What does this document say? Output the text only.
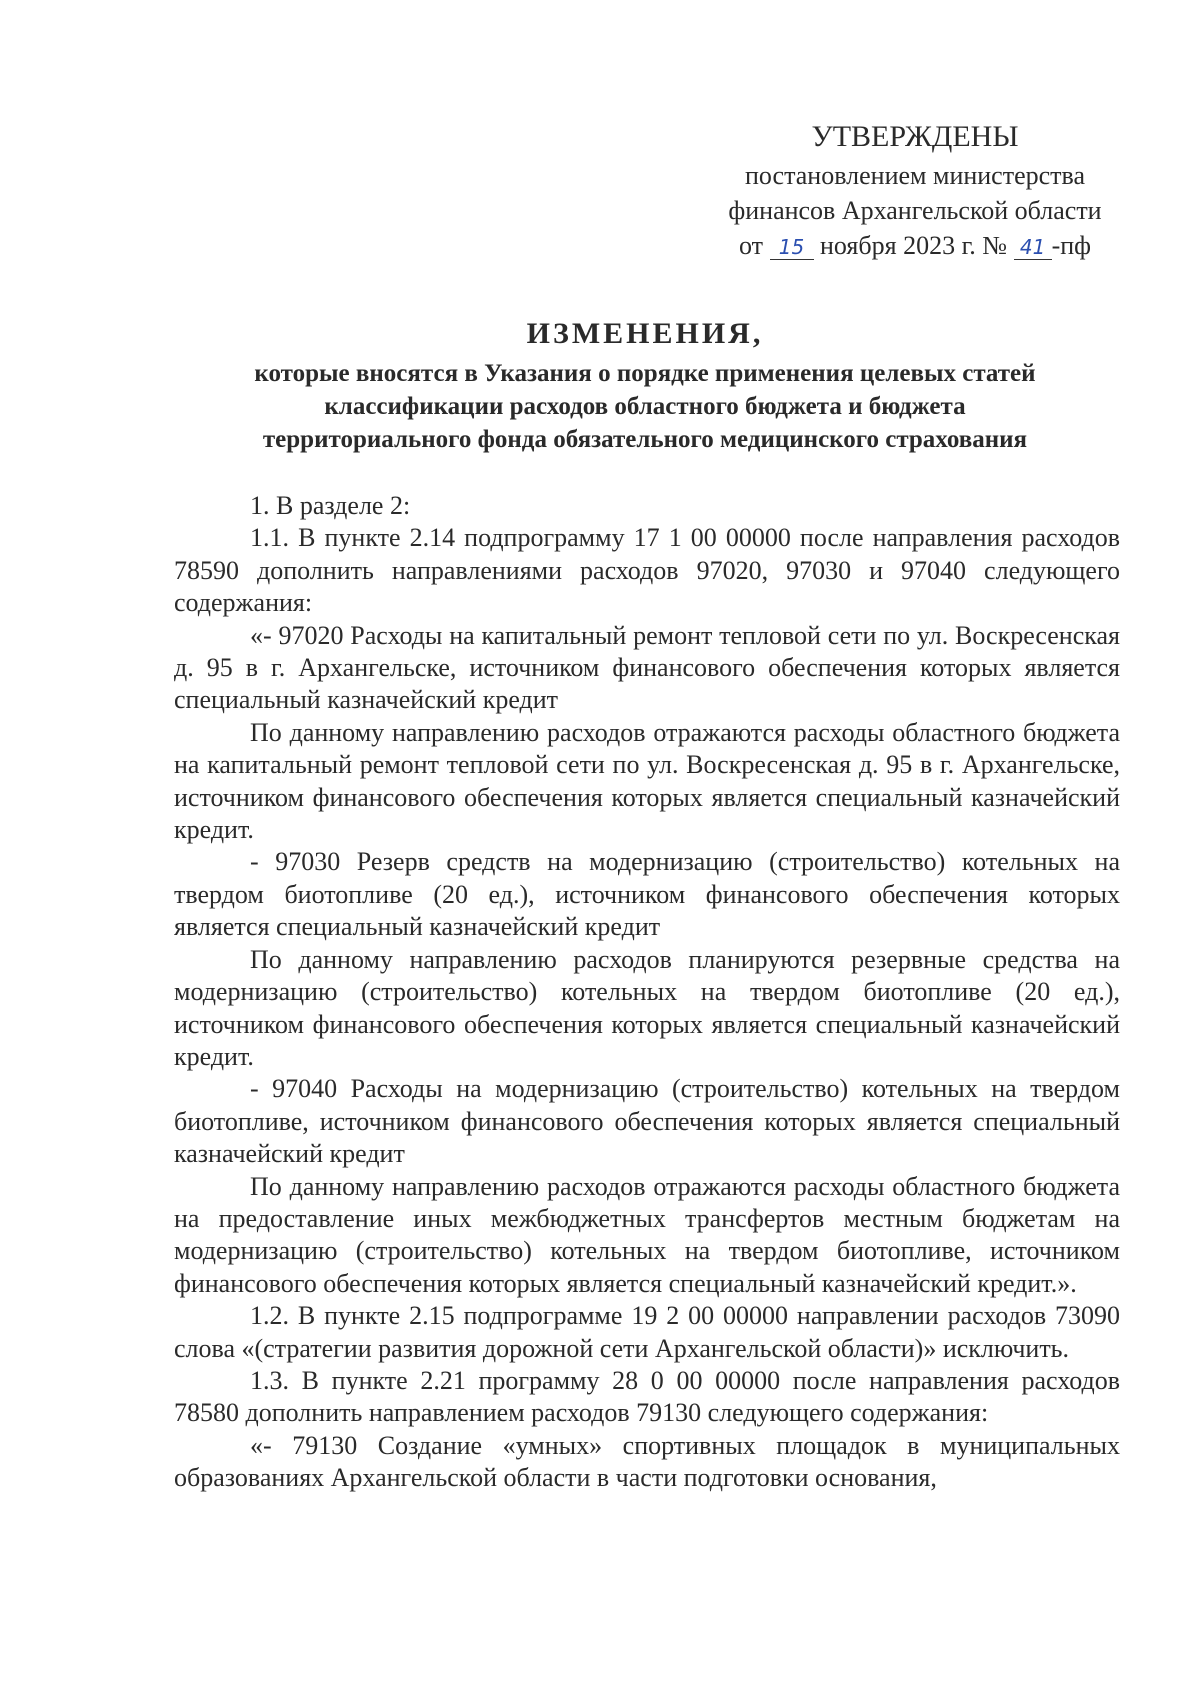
УТВЕРЖДЕНЫ
постановлением министерства
финансов Архангельской области
от 15 ноября 2023 г. № 41 -пф
ИЗМЕНЕНИЯ,
которые вносятся в Указания о порядке применения целевых статей
классификации расходов областного бюджета и бюджета
территориального фонда обязательного медицинского страхования

1. В разделе 2:

1.1. В пункте 2.14 подпрограмму 17 1 00 00000 после направления расходов 78590 дополнить направлениями расходов 97020, 97030 и 97040 следующего содержания:

«- 97020 Расходы на капитальный ремонт тепловой сети по ул. Воскресенская д. 95 в г. Архангельске, источником финансового обеспечения которых является специальный казначейский кредит

По данному направлению расходов отражаются расходы областного бюджета на капитальный ремонт тепловой сети по ул. Воскресенская д. 95 в г. Архангельске, источником финансового обеспечения которых является специальный казначейский кредит.

- 97030 Резерв средств на модернизацию (строительство) котельных на твердом биотопливе (20 ед.), источником финансового обеспечения которых является специальный казначейский кредит

По данному направлению расходов планируются резервные средства на модернизацию (строительство) котельных на твердом биотопливе (20 ед.), источником финансового обеспечения которых является специальный казначейский кредит.

- 97040 Расходы на модернизацию (строительство) котельных на твердом биотопливе, источником финансового обеспечения которых является специальный казначейский кредит

По данному направлению расходов отражаются расходы областного бюджета на предоставление иных межбюджетных трансфертов местным бюджетам на модернизацию (строительство) котельных на твердом биотопливе, источником финансового обеспечения которых является специальный казначейский кредит.».

1.2. В пункте 2.15 подпрограмме 19 2 00 00000 направлении расходов 73090 слова «(стратегии развития дорожной сети Архангельской области)» исключить.

1.3. В пункте 2.21 программу 28 0 00 00000 после направления расходов 78580 дополнить направлением расходов 79130 следующего содержания:

«- 79130 Создание «умных» спортивных площадок в муниципальных образованиях Архангельской области в части подготовки основания,
